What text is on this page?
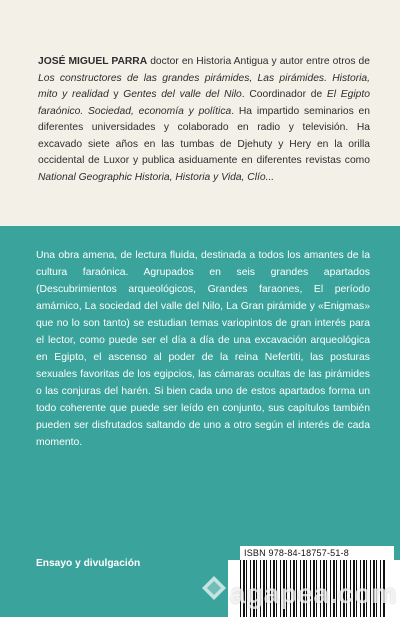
JOSÉ MIGUEL PARRA doctor en Historia Antigua y autor entre otros de Los constructores de las grandes pirámides, Las pirámides. Historia, mito y realidad y Gentes del valle del Nilo. Coordinador de El Egipto faraónico. Sociedad, economía y política. Ha impartido seminarios en diferentes universidades y colaborado en radio y televisión. Ha excavado siete años en las tumbas de Djehuty y Hery en la orilla occidental de Luxor y publica asiduamente en diferentes revistas como National Geographic Historia, Historia y Vida, Clío...

Una obra amena, de lectura fluida, destinada a todos los amantes de la cultura faraónica. Agrupados en seis grandes apartados (Descubrimientos arqueológicos, Grandes faraones, El período amárnico, La sociedad del valle del Nilo, La Gran pirámide y «Enigmas» que no lo son tanto) se estudian temas variopintos de gran interés para el lector, como puede ser el día a día de una excavación arqueológica en Egipto, el ascenso al poder de la reina Nefertiti, las posturas sexuales favoritas de los egipcios, las cámaras ocultas de las pirámides o las conjuras del harén. Si bien cada uno de estos apartados forma un todo coherente que puede ser leído en conjunto, sus capítulos también pueden ser disfrutados saltando de uno a otro según el interés de cada momento.

Ensayo y divulgación
ISBN 978-84-18757-51-8
agapea.com
